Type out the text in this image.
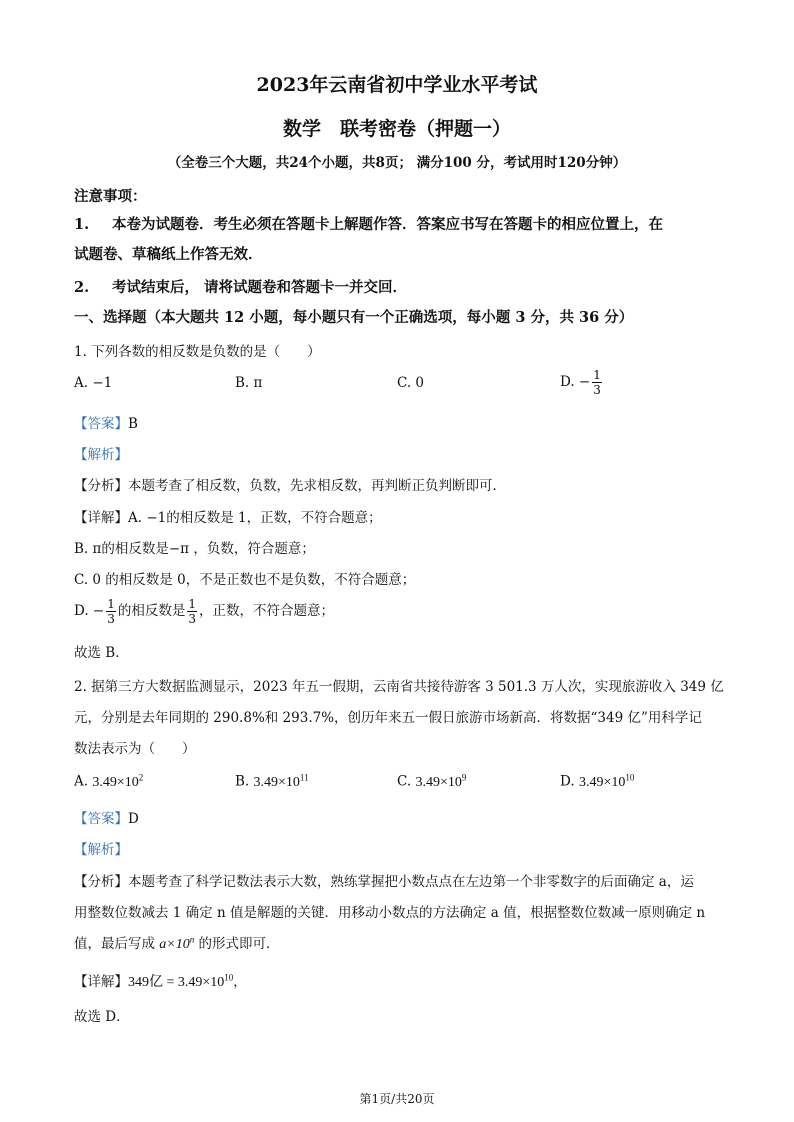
2023年云南省初中学业水平考试
数学　联考密卷（押题一）
（全卷三个大题，共24个小题，共8页； 满分100 分，考试用时120分钟）
注意事项：
1. 本卷为试题卷．考生必须在答题卡上解题作答．答案应书写在答题卡的相应位置上，在
试题卷、草稿纸上作答无效．
2. 考试结束后， 请将试题卷和答题卡一并交回．
一、选择题（本大题共 12 小题，每小题只有一个正确选项，每小题 3 分，共 36 分）
1. 下列各数的相反数是负数的是（　　）
A. −1	B. π	C. 0	D. − $\frac{1}{3}$
【答案】B
【解析】
【分析】本题考查了相反数，负数，先求相反数，再判断正负判断即可．
【详解】A. −1的相反数是 1，正数，不符合题意；
B. π的相反数是−π ，负数，符合题意；
C. 0 的相反数是 0，不是正数也不是负数，不符合题意；
D. − $\frac{1}{3}$ 的相反数是 $\frac{1}{3}$ ，正数，不符合题意；
故选 B．
2. 据第三方大数据监测显示，2023 年五一假期，云南省共接待游客 3 501.3 万人次，实现旅游收入 349 亿
元，分别是去年同期的 290.8%和 293.7%，创历年来五一假日旅游市场新高．将数据“349 亿”用科学记
数法表示为（　　）
A. $3.49\times 10^2$	B. $3.49\times 10^{11}$	C. $3.49\times 10^9$	D. $3.49\times 10^{10}$
【答案】D
【解析】
【分析】本题考查了科学记数法表示大数，熟练掌握把小数点点在左边第一个非零数字的后面确定 a，运
用整数位数减去 1 确定 n 值是解题的关键．用移动小数点的方法确定 a 值，根据整数位数减一原则确定 n
值，最后写成 $a\times 10^n$ 的形式即可．
【详解】349亿 = $3.49\times 10^{10}$，
故选 D．
第1页/共20页
